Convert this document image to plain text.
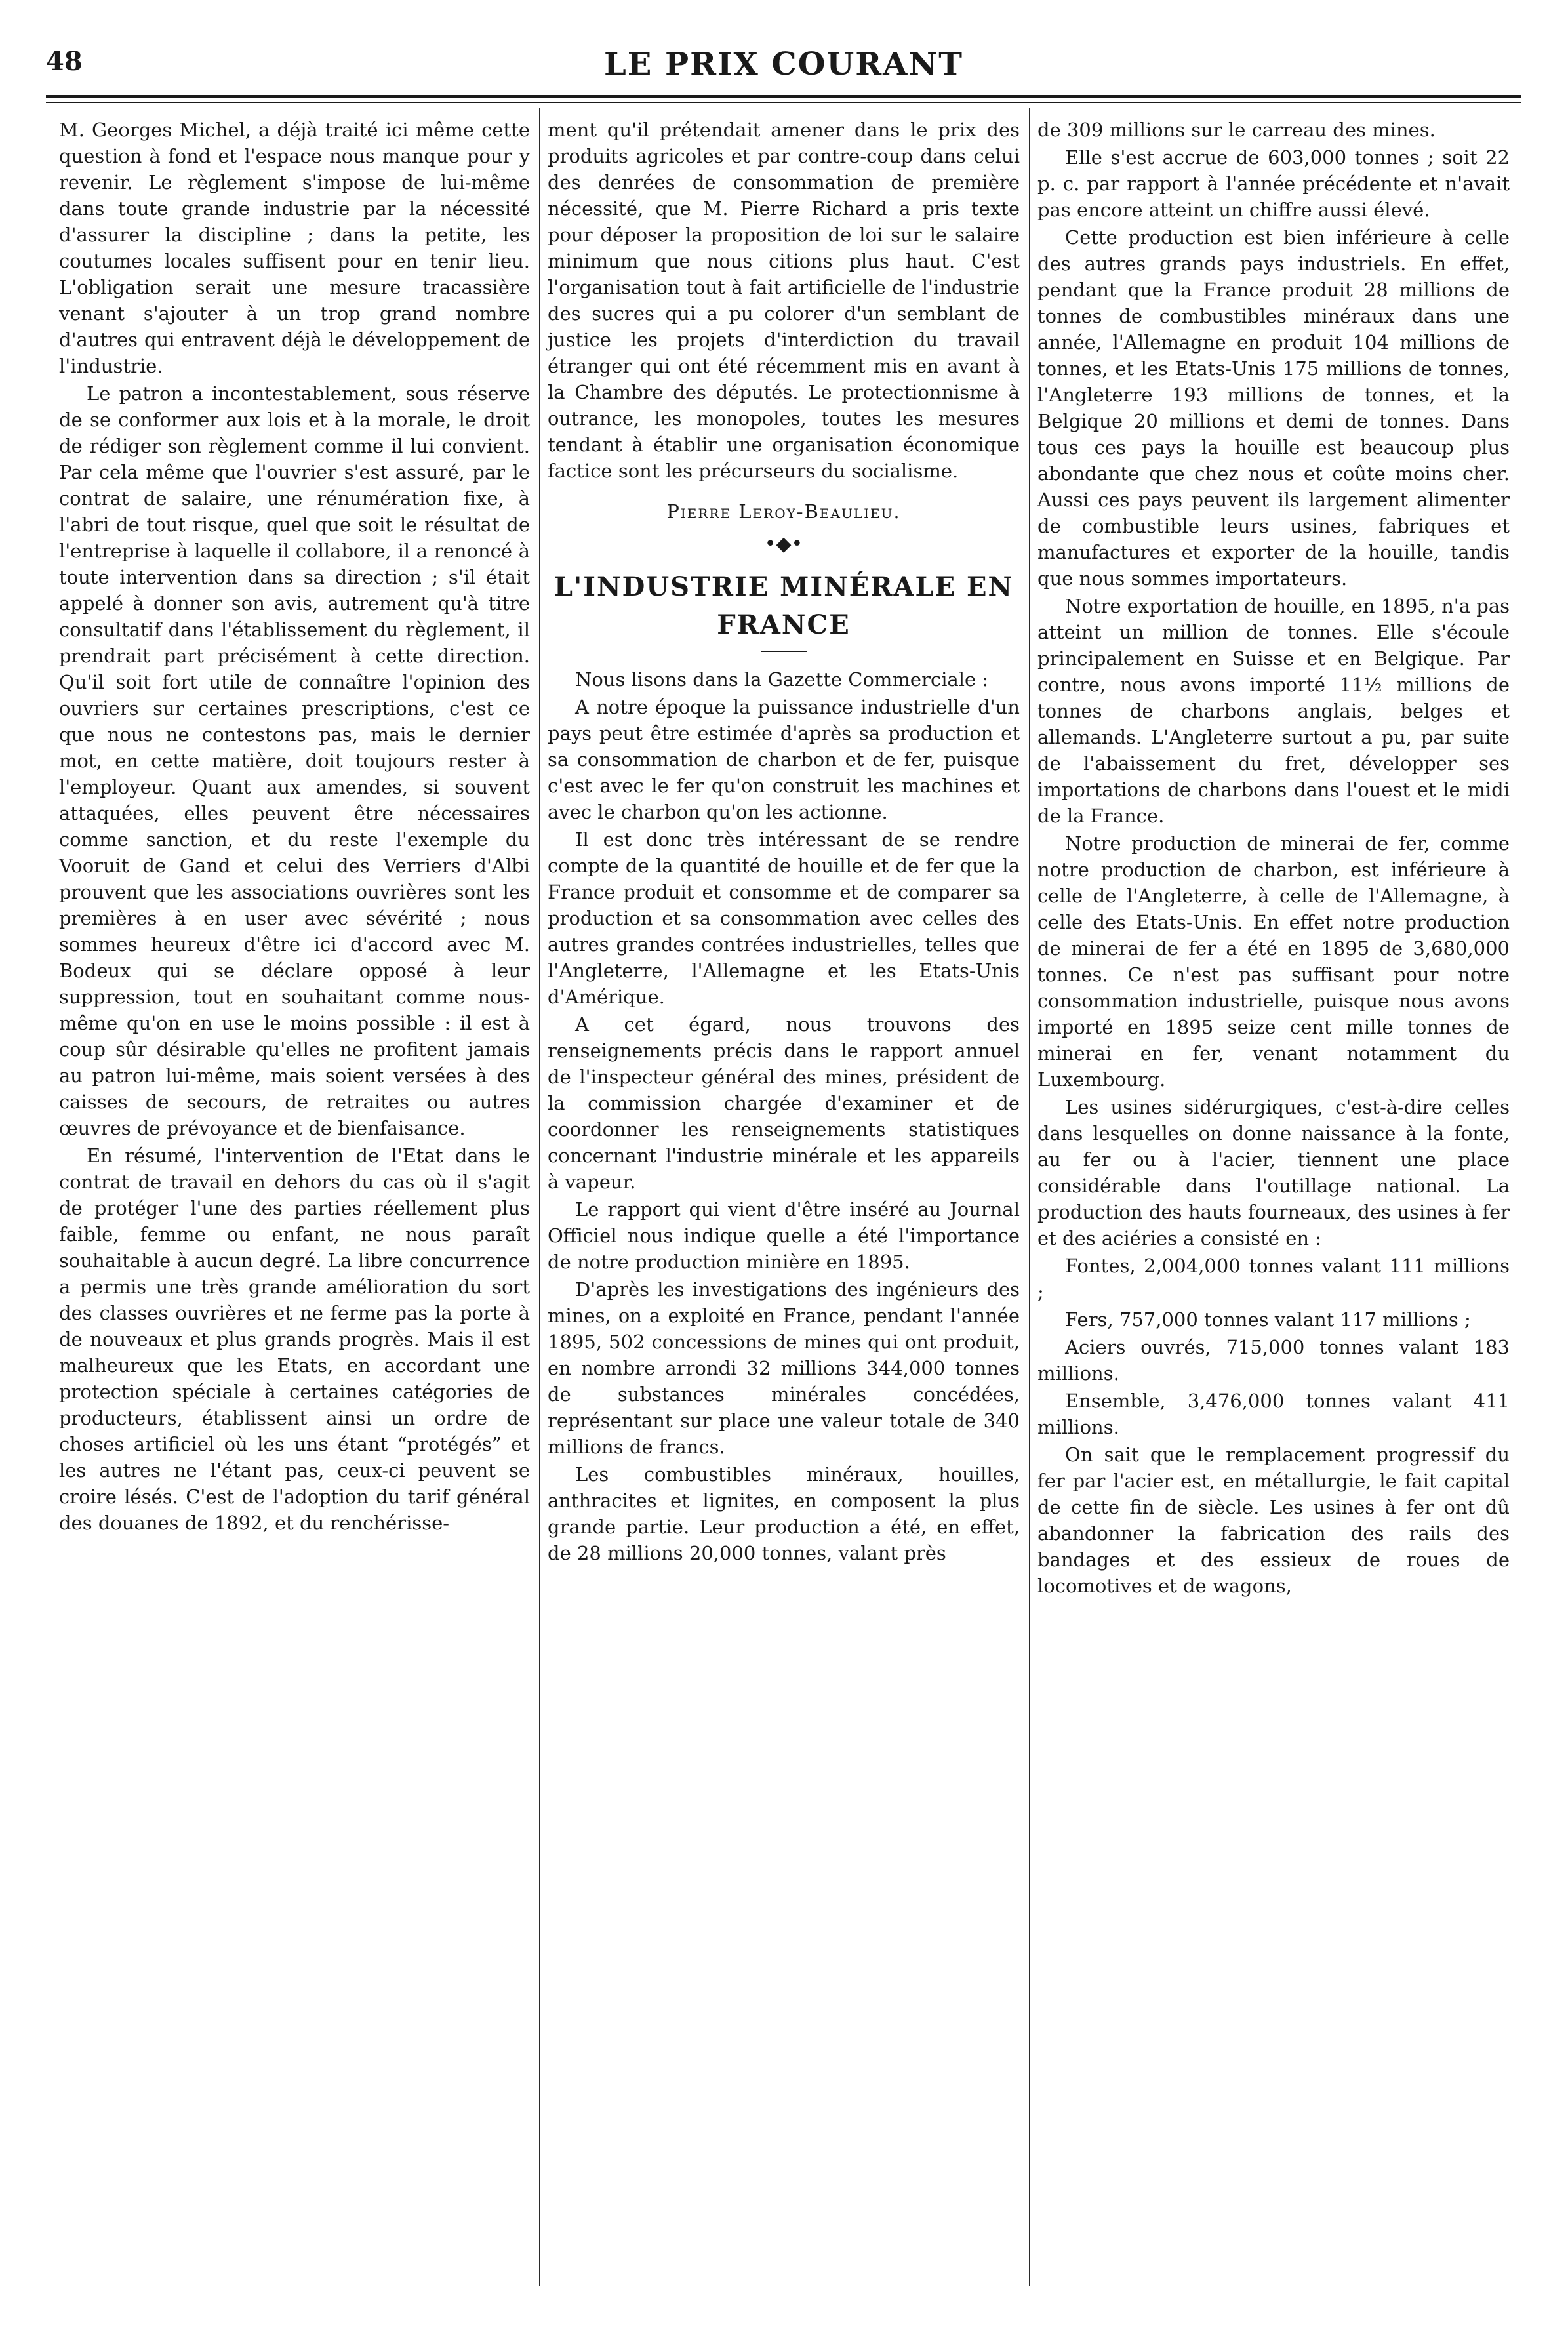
48	LE PRIX COURANT

M. Georges Michel, a déjà traité ici même cette question à fond et l'espace nous manque pour y revenir. Le règlement s'impose de lui-même dans toute grande industrie par la nécessité d'assurer la discipline ; dans la petite, les coutumes locales suffisent pour en tenir lieu. L'obligation serait une mesure tracassière venant s'ajouter à un trop grand nombre d'autres qui entravent déjà le développement de l'industrie.

Le patron a incontestablement, sous réserve de se conformer aux lois et à la morale, le droit de rédiger son règlement comme il lui convient. Par cela même que l'ouvrier s'est assuré, par le contrat de salaire, une rénumération fixe, à l'abri de tout risque, quel que soit le résultat de l'entreprise à laquelle il collabore, il a renoncé à toute intervention dans sa direction ; s'il était appelé à donner son avis, autrement qu'à titre consultatif dans l'établissement du règlement, il prendrait part précisément à cette direction. Qu'il soit fort utile de connaître l'opinion des ouvriers sur certaines prescriptions, c'est ce que nous ne contestons pas, mais le dernier mot, en cette matière, doit toujours rester à l'employeur. Quant aux amendes, si souvent attaquées, elles peuvent être nécessaires comme sanction, et du reste l'exemple du Vooruit de Gand et celui des Verriers d'Albi prouvent que les associations ouvrières sont les premières à en user avec sévérité ; nous sommes heureux d'être ici d'accord avec M. Bodeux qui se déclare opposé à leur suppression, tout en souhaitant comme nous-même qu'on en use le moins possible : il est à coup sûr désirable qu'elles ne profitent jamais au patron lui-même, mais soient versées à des caisses de secours, de retraites ou autres œuvres de prévoyance et de bienfaisance.

En résumé, l'intervention de l'Etat dans le contrat de travail en dehors du cas où il s'agit de protéger l'une des parties réellement plus faible, femme ou enfant, ne nous paraît souhaitable à aucun degré. La libre concurrence a permis une très grande amélioration du sort des classes ouvrières et ne ferme pas la porte à de nouveaux et plus grands progrès. Mais il est malheureux que les Etats, en accordant une protection spéciale à certaines catégories de producteurs, établissent ainsi un ordre de choses artificiel où les uns étant “protégés” et les autres ne l'étant pas, ceux-ci peuvent se croire lésés. C'est de l'adoption du tarif général des douanes de 1892, et du renchérisse-

ment qu'il prétendait amener dans le prix des produits agricoles et par contre-coup dans celui des denrées de consommation de première nécessité, que M. Pierre Richard a pris texte pour déposer la proposition de loi sur le salaire minimum que nous citions plus haut. C'est l'organisation tout à fait artificielle de l'industrie des sucres qui a pu colorer d'un semblant de justice les projets d'interdiction du travail étranger qui ont été récemment mis en avant à la Chambre des députés. Le protectionnisme à outrance, les monopoles, toutes les mesures tendant à établir une organisation économique factice sont les précurseurs du socialisme.

Pierre Leroy-Beaulieu.
•◆•
L'INDUSTRIE MINÉRALE EN FRANCE

Nous lisons dans la Gazette Commerciale :

A notre époque la puissance industrielle d'un pays peut être estimée d'après sa production et sa consommation de charbon et de fer, puisque c'est avec le fer qu'on construit les machines et avec le charbon qu'on les actionne.

Il est donc très intéressant de se rendre compte de la quantité de houille et de fer que la France produit et consomme et de comparer sa production et sa consommation avec celles des autres grandes contrées industrielles, telles que l'Angleterre, l'Allemagne et les Etats-Unis d'Amérique.

A cet égard, nous trouvons des renseignements précis dans le rapport annuel de l'inspecteur général des mines, président de la commission chargée d'examiner et de coordonner les renseignements statistiques concernant l'industrie minérale et les appareils à vapeur.

Le rapport qui vient d'être inséré au Journal Officiel nous indique quelle a été l'importance de notre production minière en 1895.

D'après les investigations des ingénieurs des mines, on a exploité en France, pendant l'année 1895, 502 concessions de mines qui ont produit, en nombre arrondi 32 millions 344,000 tonnes de substances minérales concédées, représentant sur place une valeur totale de 340 millions de francs.

Les combustibles minéraux, houilles, anthracites et lignites, en composent la plus grande partie. Leur production a été, en effet, de 28 millions 20,000 tonnes, valant près

de 309 millions sur le carreau des mines.

Elle s'est accrue de 603,000 tonnes ; soit 22 p. c. par rapport à l'année précédente et n'avait pas encore atteint un chiffre aussi élevé.

Cette production est bien inférieure à celle des autres grands pays industriels. En effet, pendant que la France produit 28 millions de tonnes de combustibles minéraux dans une année, l'Allemagne en produit 104 millions de tonnes, et les Etats-Unis 175 millions de tonnes, l'Angleterre 193 millions de tonnes, et la Belgique 20 millions et demi de tonnes. Dans tous ces pays la houille est beaucoup plus abondante que chez nous et coûte moins cher. Aussi ces pays peuvent ils largement alimenter de combustible leurs usines, fabriques et manufactures et exporter de la houille, tandis que nous sommes importateurs.

Notre exportation de houille, en 1895, n'a pas atteint un million de tonnes. Elle s'écoule principalement en Suisse et en Belgique. Par contre, nous avons importé 11½ millions de tonnes de charbons anglais, belges et allemands. L'Angleterre surtout a pu, par suite de l'abaissement du fret, développer ses importations de charbons dans l'ouest et le midi de la France.

Notre production de minerai de fer, comme notre production de charbon, est inférieure à celle de l'Angleterre, à celle de l'Allemagne, à celle des Etats-Unis. En effet notre production de minerai de fer a été en 1895 de 3,680,000 tonnes. Ce n'est pas suffisant pour notre consommation industrielle, puisque nous avons importé en 1895 seize cent mille tonnes de minerai en fer, venant notamment du Luxembourg.

Les usines sidérurgiques, c'est-à-dire celles dans lesquelles on donne naissance à la fonte, au fer ou à l'acier, tiennent une place considérable dans l'outillage national. La production des hauts fourneaux, des usines à fer et des aciéries a consisté en :

Fontes, 2,004,000 tonnes valant 111 millions ;

Fers, 757,000 tonnes valant 117 millions ;

Aciers ouvrés, 715,000 tonnes valant 183 millions.

Ensemble, 3,476,000 tonnes valant 411 millions.

On sait que le remplacement progressif du fer par l'acier est, en métallurgie, le fait capital de cette fin de siècle. Les usines à fer ont dû abandonner la fabrication des rails des bandages et des essieux de roues de locomotives et de wagons,
